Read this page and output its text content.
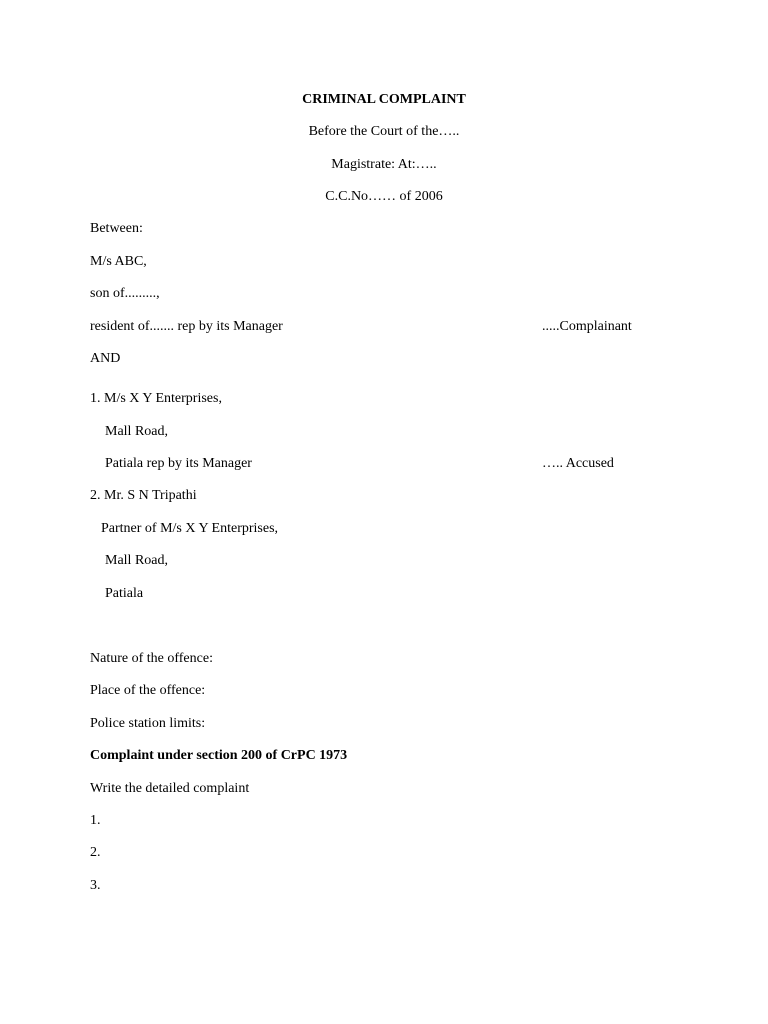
CRIMINAL COMPLAINT
Before the Court of the…..
Magistrate: At:…..
C.C.No…… of 2006
Between:
M/s ABC,
son of.........,
resident of....... rep by its Manager	.....Complainant
AND
1. M/s X Y Enterprises,
Mall Road,
Patiala rep by its Manager	….. Accused
2. Mr. S N Tripathi
Partner of M/s X Y Enterprises,
Mall Road,
Patiala
Nature of the offence:
Place of the offence:
Police station limits:
Complaint under section 200 of CrPC 1973
Write the detailed complaint
1.
2.
3.
